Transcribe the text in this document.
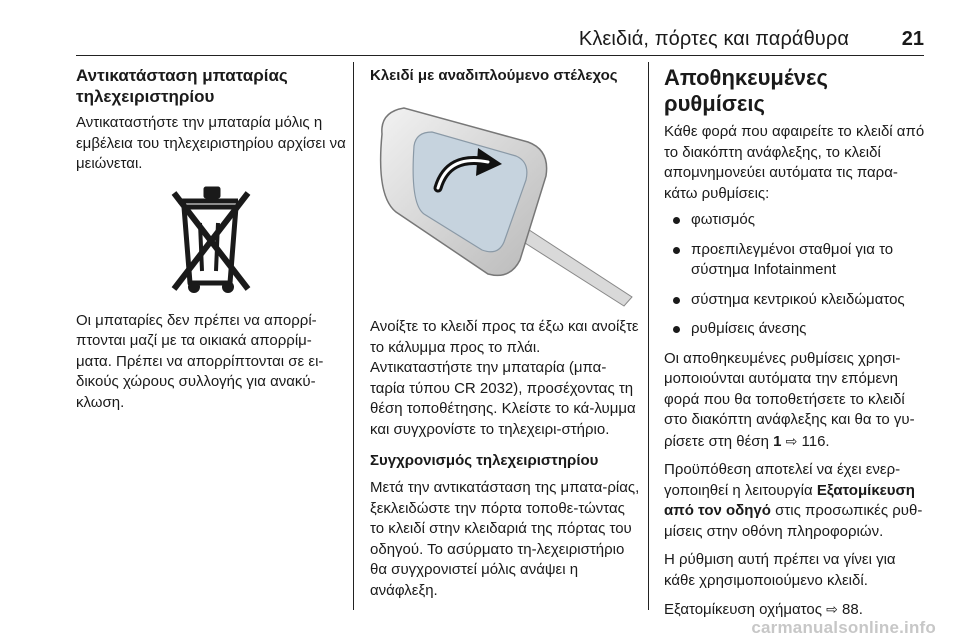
Κλειδιά, πόρτες και παράθυρα	21
Αντικατάσταση μπαταρίας τηλεχειριστηρίου

Αντικαταστήστε την μπαταρία μόλις η εμβέλεια του τηλεχειριστηρίου αρχίσει να μειώνεται.

Οι μπαταρίες δεν πρέπει να απορρί‐πτονται μαζί με τα οικιακά απορρίμ‐ματα. Πρέπει να απορρίπτονται σε ει‐δικούς χώρους συλλογής για ανακύ‐κλωση.

Κλειδί με αναδιπλούμενο στέλεχος

Ανοίξτε το κλειδί προς τα έξω και ανοίξτε το κάλυμμα προς το πλάι. Αντικαταστήστε την μπαταρία (μπα‐ταρία τύπου CR 2032), προσέχοντας τη θέση τοποθέτησης. Κλείστε το κά‐λυμμα και συγχρονίστε το τηλεχειρι‐στήριο.

Συγχρονισμός τηλεχειριστηρίου

Μετά την αντικατάσταση της μπατα‐ρίας, ξεκλειδώστε την πόρτα τοποθε‐τώντας το κλειδί στην κλειδαριά της πόρτας του οδηγού. Το ασύρματο τη‐λεχειριστήριο θα συγχρονιστεί μόλις ανάψει η ανάφλεξη.

Αποθηκευμένες ρυθμίσεις

Κάθε φορά που αφαιρείτε το κλειδί από το διακόπτη ανάφλεξης, το κλειδί απομνημονεύει αυτόματα τις παρα‐κάτω ρυθμίσεις:

φωτισμός
προεπιλεγμένοι σταθμοί για το σύστημα Infotainment
σύστημα κεντρικού κλειδώματος
ρυθμίσεις άνεσης

Οι αποθηκευμένες ρυθμίσεις χρησι‐μοποιούνται αυτόματα την επόμενη φορά που θα τοποθετήσετε το κλειδί στο διακόπτη ανάφλεξης και θα το γυ‐ρίσετε στη θέση 1 ⇨ 116.

Προϋπόθεση αποτελεί να έχει ενερ‐γοποιηθεί η λειτουργία Εξατομίκευση από τον οδηγό στις προσωπικές ρυθ‐μίσεις στην οθόνη πληροφοριών.

Η ρύθμιση αυτή πρέπει να γίνει για κάθε χρησιμοποιούμενο κλειδί.

Εξατομίκευση οχήματος ⇨ 88.

carmanualsonline.info
